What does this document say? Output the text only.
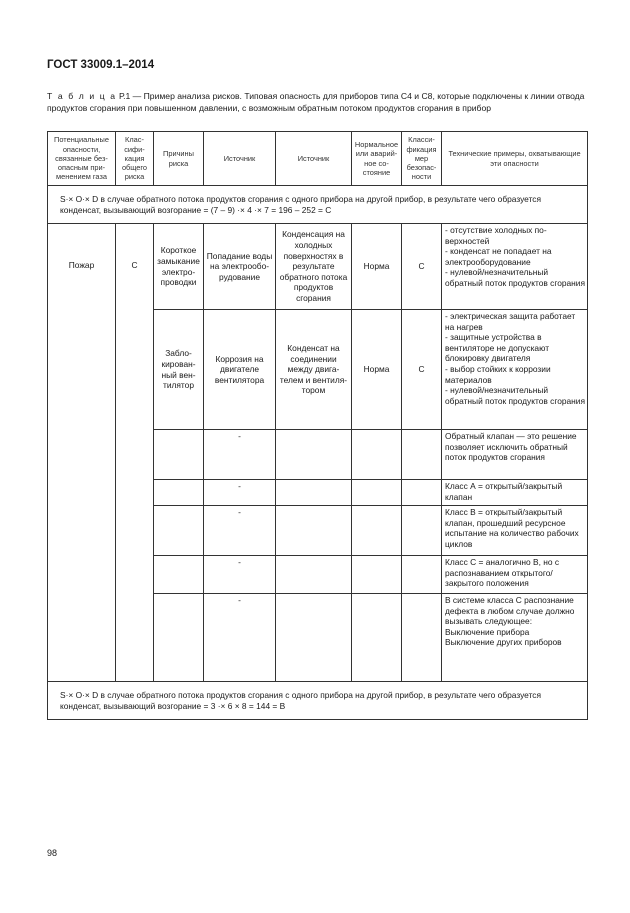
ГОСТ 33009.1–2014
Т а б л и ц а Р.1 — Пример анализа рисков. Типовая опасность для приборов типа С4 и С8, которые подключены к линии отвода продуктов сгорания при повышенном давлении, с возможным обратным потоком продуктов сгорания в прибор
Потенциальные опасности, связанные безопасным применением газа	Классификация общего риска	Причины риска	Источник	Источник	Нормальное или аварийное состояние	Классификация мер безопасности	Технические примеры, охватывающие эти опасности
S·× O·× D в случае обратного потока продуктов сгорания с одного прибора на другой прибор, в результате чего образуется конденсат, вызывающий возгорание = (7 – 9) ·× 4 ·× 7 = 196 – 252 = C							
Пожар	С	Короткое замыкание электропроводки	Попадание воды на электрооборудование	Конденсация на холодных поверхностях в результате обратного потока продуктов сгорания	Норма	С	- отсутствие холодных поверхностей
- конденсат не попадает на электрооборудование
- нулевой/незначительный обратный поток продуктов сгорания
		Заблокированный вентилятор	Коррозия на двигателе вентилятора	Конденсат на соединении между двигателем и вентилятором	Норма	С	- электрическая защита работает на нагрев
- защитные устройства в вентиляторе не допускают блокировку двигателя
- выбор стойких к коррозии материалов
- нулевой/незначительный обратный поток продуктов сгорания
			-				Обратный клапан — это решение позволяет исключить обратный поток продуктов сгорания
			-				Класс А = открытый/закрытый клапан
			-				Класс В = открытый/закрытый клапан, прошедший ресурсное испытание на количество рабочих циклов
			-				Класс С = аналогично В, но с распознаванием открытого/закрытого положения
			-				В системе класса С распознание дефекта в любом случае должно вызывать следующее:
Выключение прибора
Выключение других приборов
S·× O·× D в случае обратного потока продуктов сгорания с одного прибора на другой прибор, в результате чего образуется конденсат, вызывающий возгорание = 3 ·× 6 × 8 = 144 = B							
98
